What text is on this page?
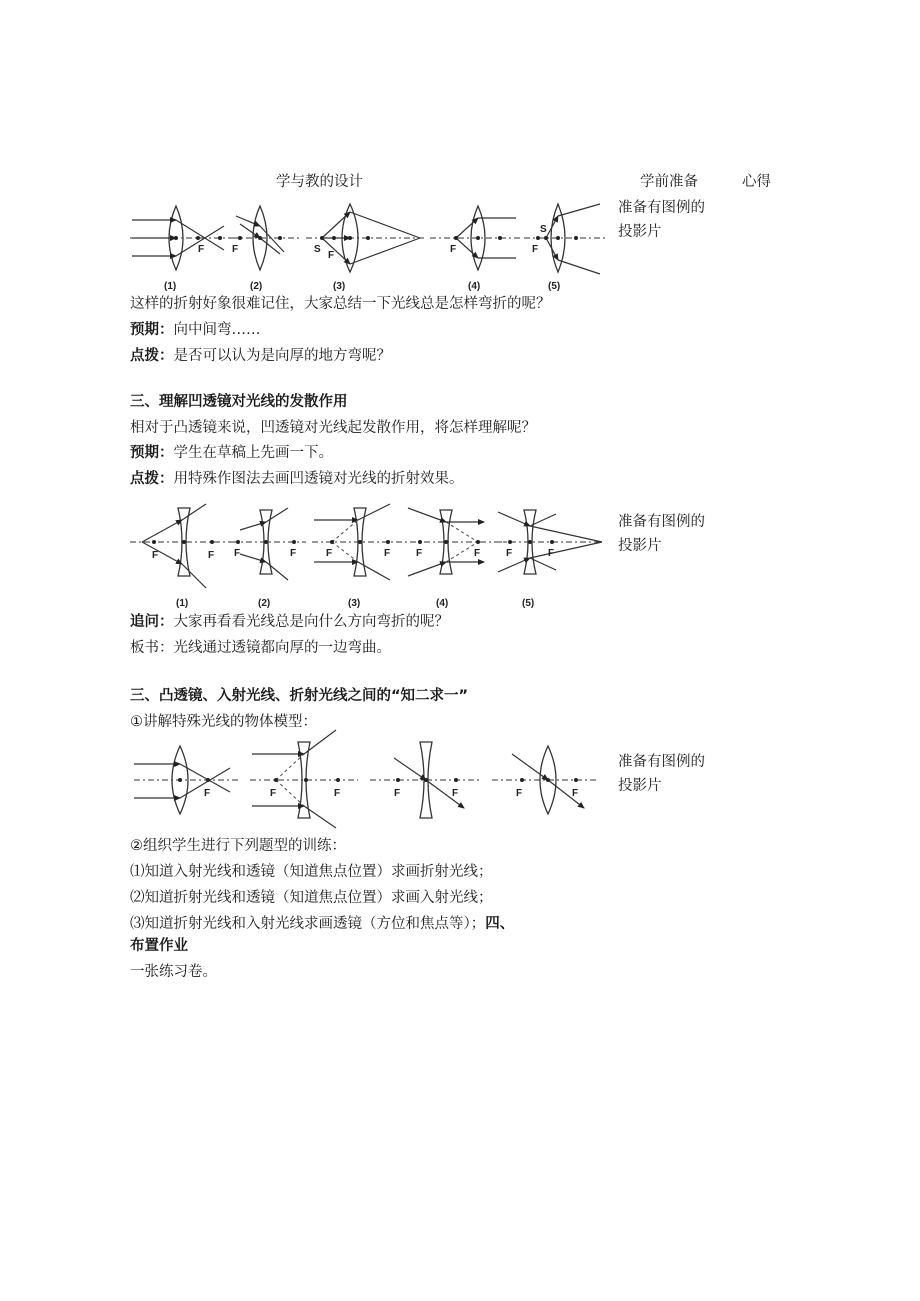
学与教的设计	学前准备	心得
准备有图例的
投影片
准备有图例的
投影片
准备有图例的
投影片
F
(1)
F
(2)
S
F
(3)
F
(4)
S
F
(5)
这样的折射好象很难记住，大家总结一下光线总是怎样弯折的呢？
预期：向中间弯……
点拨：是否可以认为是向厚的地方弯呢？
三、理解凹透镜对光线的发散作用
相对于凸透镜来说，凹透镜对光线起发散作用，将怎样理解呢？
预期：学生在草稿上先画一下。
点拨：用特殊作图法去画凹透镜对光线的折射效果。
F	F
(1)
F	F
(2)
F	F
(3)
F	F
(4)
F	F
(5)
追问：大家再看看光线总是向什么方向弯折的呢？
板书：光线通过透镜都向厚的一边弯曲。
三、凸透镜、入射光线、折射光线之间的“知二求一”
①讲解特殊光线的物体模型：
F	F	F	F	F	F	F
②组织学生进行下列题型的训练：
⑴知道入射光线和透镜（知道焦点位置）求画折射光线；
⑵知道折射光线和透镜（知道焦点位置）求画入射光线；
⑶知道折射光线和入射光线求画透镜（方位和焦点等）；四、
布置作业
一张练习卷。
